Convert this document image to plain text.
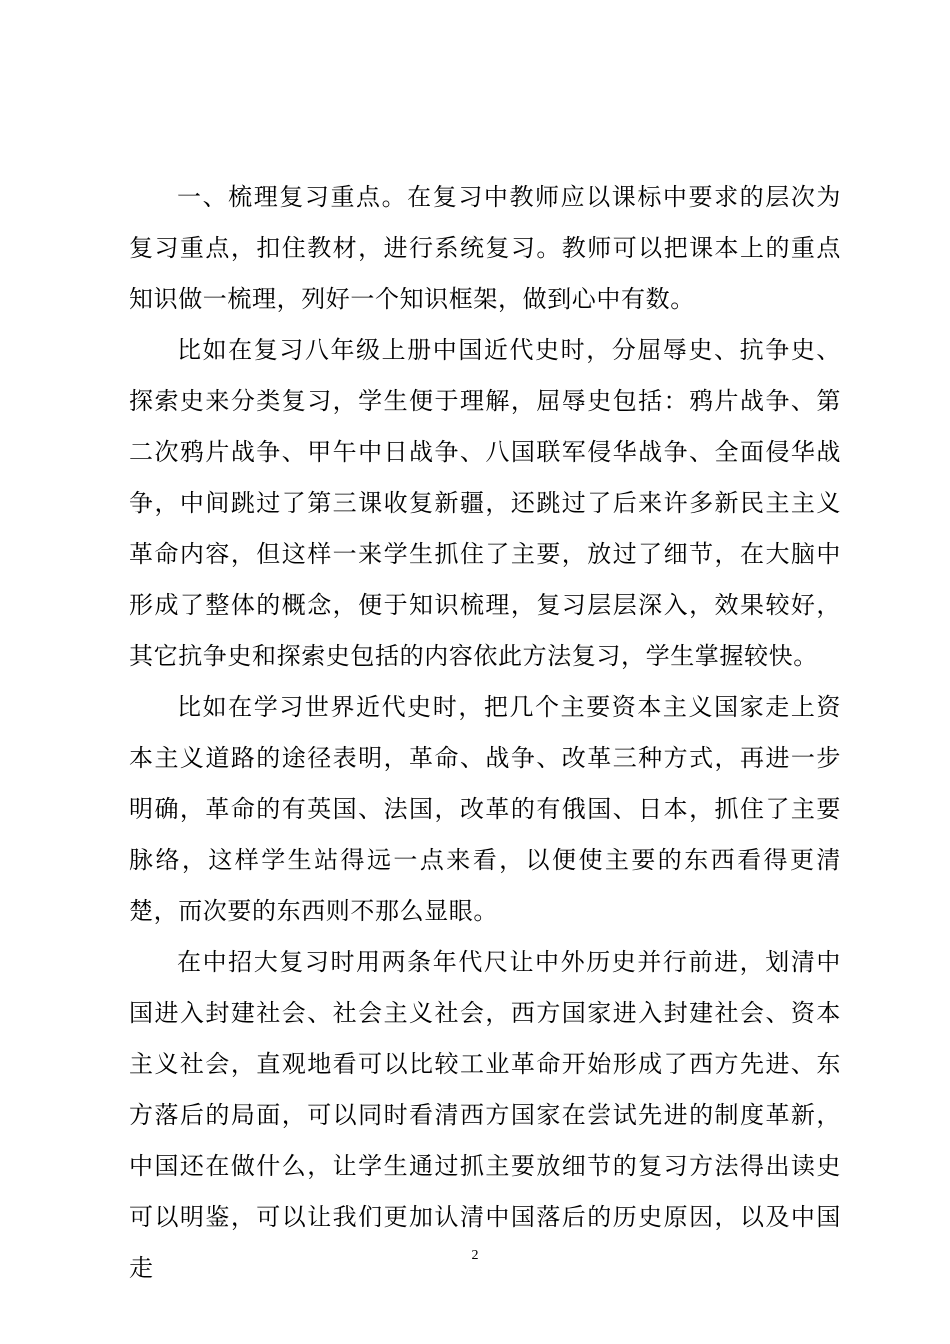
一、梳理复习重点。在复习中教师应以课标中要求的层次为复习重点，扣住教材，进行系统复习。教师可以把课本上的重点知识做一梳理，列好一个知识框架，做到心中有数。

比如在复习八年级上册中国近代史时，分屈辱史、抗争史、探索史来分类复习，学生便于理解，屈辱史包括：鸦片战争、第二次鸦片战争、甲午中日战争、八国联军侵华战争、全面侵华战争，中间跳过了第三课收复新疆，还跳过了后来许多新民主主义革命内容，但这样一来学生抓住了主要，放过了细节，在大脑中形成了整体的概念，便于知识梳理，复习层层深入，效果较好，其它抗争史和探索史包括的内容依此方法复习，学生掌握较快。

比如在学习世界近代史时，把几个主要资本主义国家走上资本主义道路的途径表明，革命、战争、改革三种方式，再进一步明确，革命的有英国、法国，改革的有俄国、日本，抓住了主要脉络，这样学生站得远一点来看，以便使主要的东西看得更清楚，而次要的东西则不那么显眼。

在中招大复习时用两条年代尺让中外历史并行前进，划清中国进入封建社会、社会主义社会，西方国家进入封建社会、资本主义社会，直观地看可以比较工业革命开始形成了西方先进、东方落后的局面，可以同时看清西方国家在尝试先进的制度革新，中国还在做什么，让学生通过抓主要放细节的复习方法得出读史可以明鉴，可以让我们更加认清中国落后的历史原因，以及中国走	2
